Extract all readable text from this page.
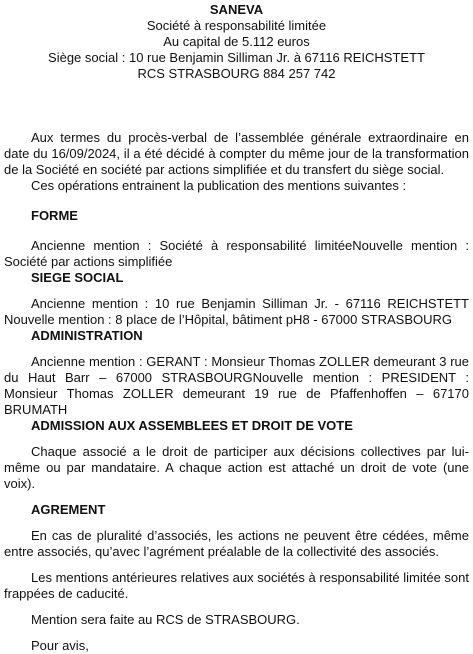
SANEVA
Société à responsabilité limitée
Au capital de 5.112 euros
Siège social : 10 rue Benjamin Silliman Jr. à 67116 REICHSTETT
RCS STRASBOURG 884 257 742

Aux termes du procès-verbal de l’assemblée générale extraordinaire en date du 16/09/2024, il a été décidé à compter du même jour de la transformation de la Société en société par actions simplifiée et du transfert du siège social.

Ces opérations entrainent la publication des mentions suivantes :

FORME

Ancienne mention : Société à responsabilité limitéeNouvelle mention : Société par actions simplifiée

SIEGE SOCIAL

Ancienne mention : 10 rue Benjamin Silliman Jr. - 67116 REICHSTETT Nouvelle mention : 8 place de l’Hôpital, bâtiment pH8 - 67000 STRASBOURG

ADMINISTRATION

Ancienne mention : GERANT : Monsieur Thomas ZOLLER demeurant 3 rue du Haut Barr – 67000 STRASBOURGNouvelle mention : PRESIDENT : Monsieur Thomas ZOLLER demeurant 19 rue de Pfaffenhoffen – 67170 BRUMATH

ADMISSION AUX ASSEMBLEES ET DROIT DE VOTE

Chaque associé a le droit de participer aux décisions collectives par lui-même ou par mandataire. A chaque action est attaché un droit de vote (une voix).

AGREMENT

En cas de pluralité d’associés, les actions ne peuvent être cédées, même entre associés, qu’avec l’agrément préalable de la collectivité des associés.

Les mentions antérieures relatives aux sociétés à responsabilité limitée sont frappées de caducité.

Mention sera faite au RCS de STRASBOURG.

Pour avis,
